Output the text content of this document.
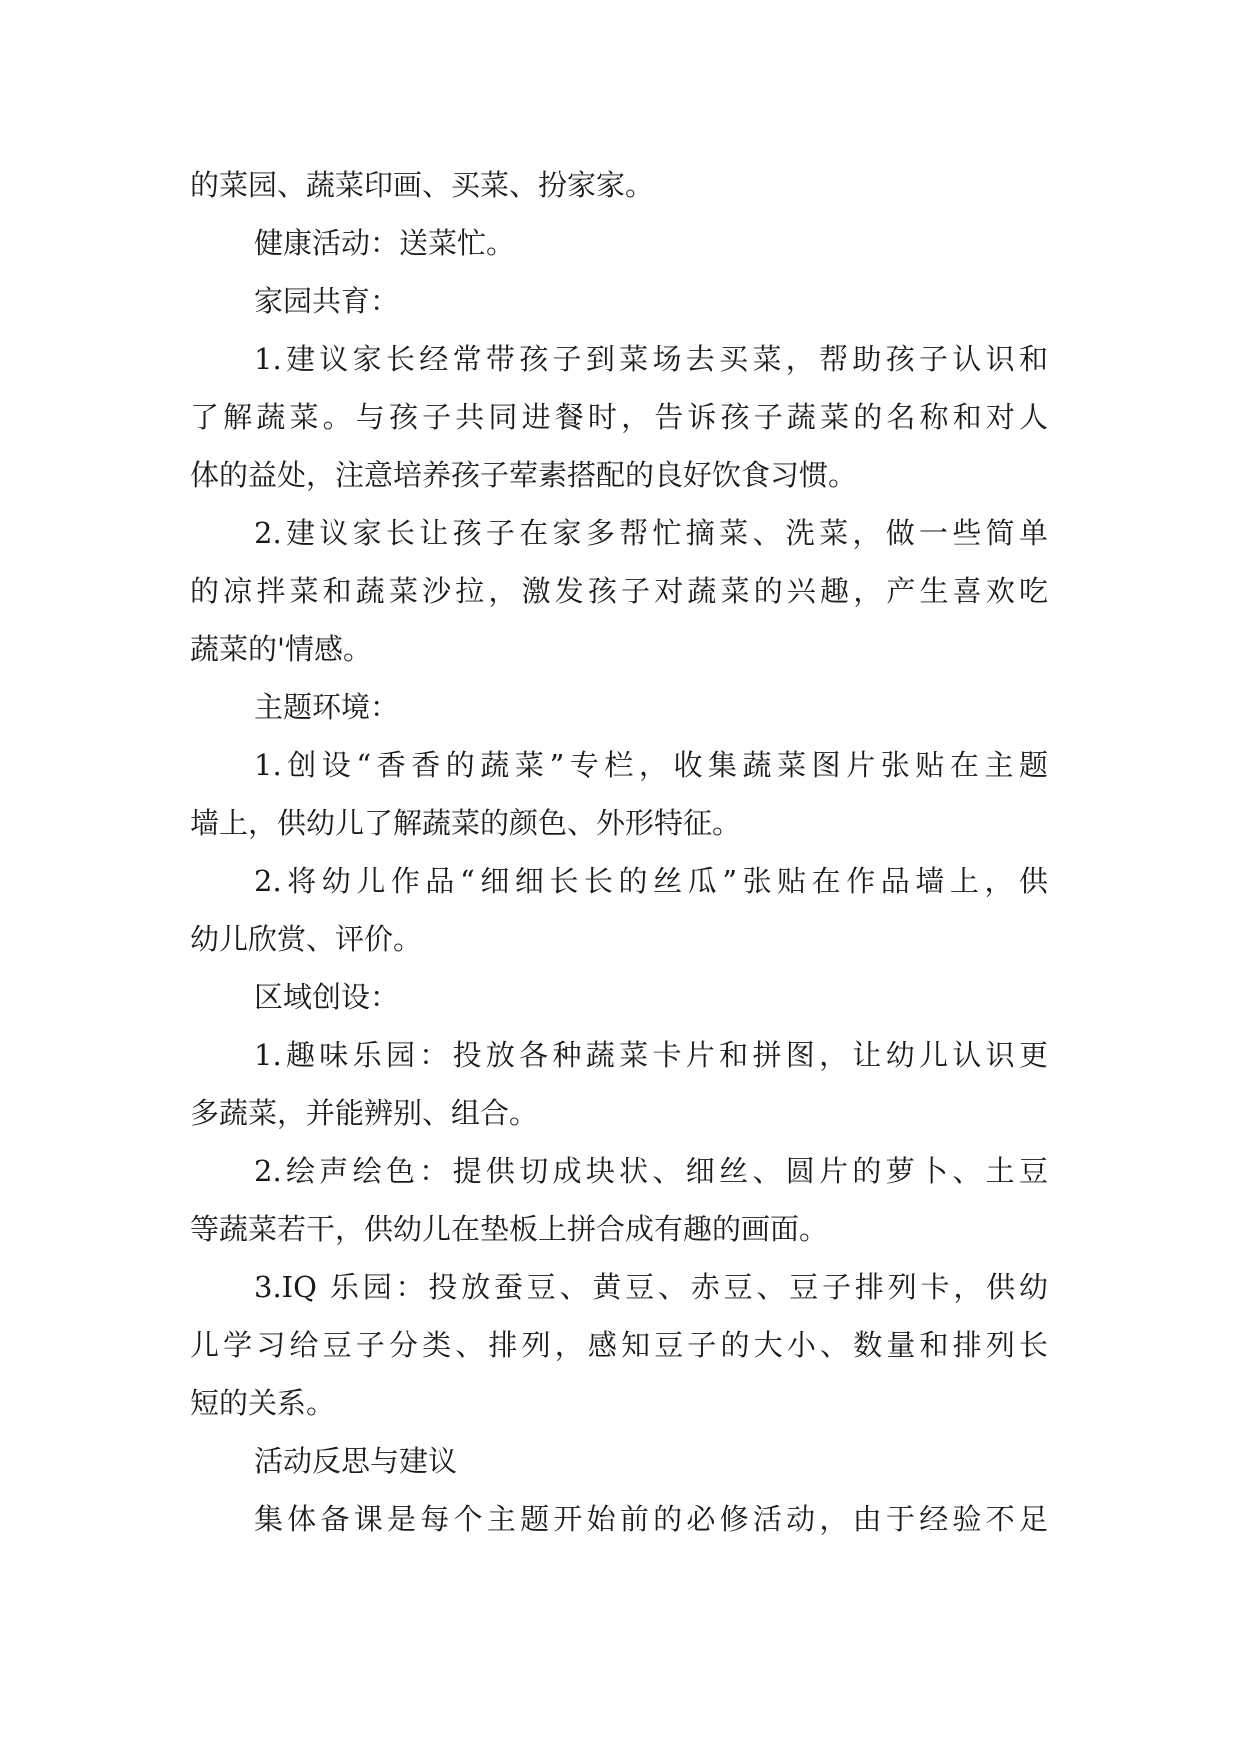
的菜园、蔬菜印画、买菜、扮家家。
健康活动：送菜忙。
家园共育：
1.建议家长经常带孩子到菜场去买菜，帮助孩子认识和
了解蔬菜。与孩子共同进餐时，告诉孩子蔬菜的名称和对人
体的益处，注意培养孩子荤素搭配的良好饮食习惯。
2.建议家长让孩子在家多帮忙摘菜、洗菜，做一些简单
的凉拌菜和蔬菜沙拉，激发孩子对蔬菜的兴趣，产生喜欢吃
蔬菜的'情感。
主题环境：
1.创设“香香的蔬菜”专栏，收集蔬菜图片张贴在主题
墙上，供幼儿了解蔬菜的颜色、外形特征。
2.将幼儿作品“细细长长的丝瓜”张贴在作品墙上，供
幼儿欣赏、评价。
区域创设：
1.趣味乐园：投放各种蔬菜卡片和拼图，让幼儿认识更
多蔬菜，并能辨别、组合。
2.绘声绘色：提供切成块状、细丝、圆片的萝卜、土豆
等蔬菜若干，供幼儿在垫板上拼合成有趣的画面。
3.IQ 乐园：投放蚕豆、黄豆、赤豆、豆子排列卡，供幼
儿学习给豆子分类、排列，感知豆子的大小、数量和排列长
短的关系。
活动反思与建议
集体备课是每个主题开始前的必修活动，由于经验不足
